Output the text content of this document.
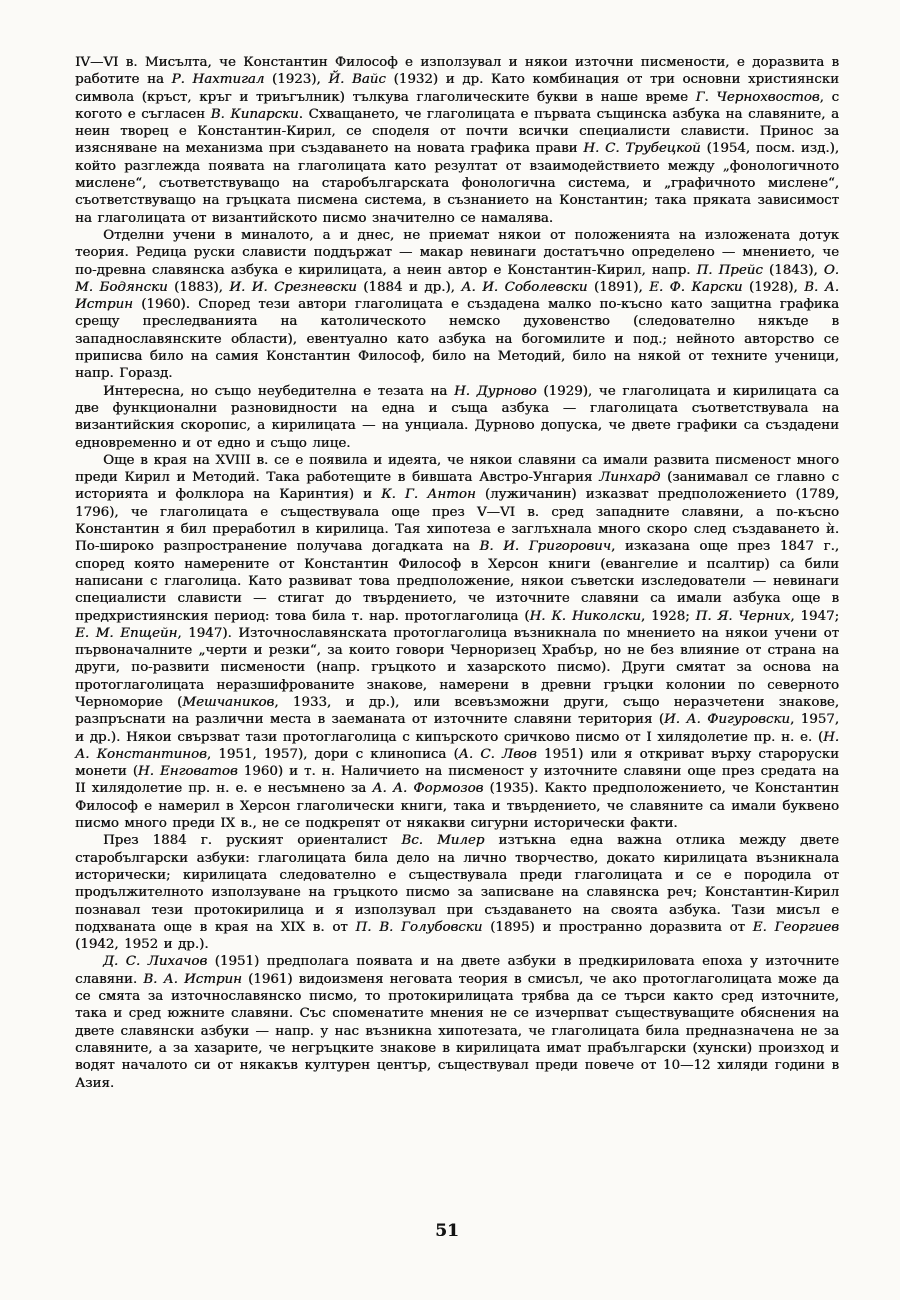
IV—VI в. Мисълта, че Константин Философ е използувал и някои източни писмености, е доразвита в работите на Р. Нахтигал (1923), Й. Вайс (1932) и др. Като комбинация от три основни християнски символа (кръст, кръг и триъгълник) тълкува глаголическите букви в наше време Г. Чернохвостов, с когото е съгласен В. Кипарски. Схващането, че глаголицата е първата същинска азбука на славяните, а неин творец е Константин-Кирил, се споделя от почти всички специалисти слависти. Принос за изясняване на механизма при създаването на новата графика прави Н. С. Трубецкой (1954, посм. изд.), който разглежда появата на глаголицата като резултат от взаимодействието между „фонологичното мислене“, съответствуващо на старобългарската фонологична система, и „графичното мислене“, съответствуващо на гръцката писмена система, в съзнанието на Константин; така пряката зависимост на глаголицата от византийското писмо значително се намалява.

Отделни учени в миналото, а и днес, не приемат някои от положенията на изложената дотук теория. Редица руски слависти поддържат — макар невинаги достатъчно определено — мнението, че по-древна славянска азбука е кирилицата, а неин автор е Константин-Кирил, напр. П. Прейс (1843), О. М. Бодянски (1883), И. И. Срезневски (1884 и др.), А. И. Соболевски (1891), Е. Ф. Карски (1928), В. А. Истрин (1960). Според тези автори глаголицата е създадена малко по-късно като защитна графика срещу преследванията на католическото немско духовенство (следователно някъде в западнославянските области), евентуално като азбука на богомилите и под.; нейното авторство се приписва било на самия Константин Философ, било на Методий, било на някой от техните ученици, напр. Горазд.

Интересна, но също неубедителна е тезата на Н. Дурново (1929), че глаголицата и кирилицата са две функционални разновидности на една и съща азбука — глаголицата съответствувала на византийския скоропис, а кирилицата — на унциала. Дурново допуска, че двете графики са създадени едновременно и от едно и също лице.

Още в края на XVIII в. се е появила и идеята, че някои славяни са имали развита писменост много преди Кирил и Методий. Така работещите в бившата Австро-Унгария Линхард (занимавал се главно с историята и фолклора на Каринтия) и К. Г. Антон (лужичанин) изказват предположението (1789, 1796), че глаголицата е съществувала още през V—VI в. сред западните славяни, а по-късно Константин я бил преработил в кирилица. Тая хипотеза е заглъхнала много скоро след създаването ѝ. По-широко разпространение получава догадката на В. И. Григорович, изказана още през 1847 г., според която намерените от Константин Философ в Херсон книги (евангелие и псалтир) са били написани с глаголица. Като развиват това предположение, някои съветски изследователи — невинаги специалисти слависти — стигат до твърдението, че източните славяни са имали азбука още в предхристиянския период: това била т. нар. протоглаголица (Н. К. Николски, 1928; П. Я. Черних, 1947; Е. М. Епщейн, 1947). Източнославянската протоглаголица възникнала по мнението на някои учени от първоначалните „черти и резки“, за които говори Черноризец Храбър, но не без влияние от страна на други, по-развити писмености (напр. гръцкото и хазарското писмо). Други смятат за основа на протоглаголицата неразшифрованите знакове, намерени в древни гръцки колонии по северното Черноморие (Мешчаников, 1933, и др.), или всевъзможни други, също неразчетени знакове, разпръснати на различни места в заеманата от източните славяни територия (И. А. Фигуровски, 1957, и др.). Някои свързват тази протоглаголица с кипърското сричково писмо от I хилядолетие пр. н. е. (Н. А. Константинов, 1951, 1957), дори с клинописа (А. С. Лвов 1951) или я откриват върху староруски монети (Н. Енговатов 1960) и т. н. Наличието на писменост у източните славяни още през средата на II хилядолетие пр. н. е. е несъмнено за А. А. Формозов (1935). Както предположението, че Константин Философ е намерил в Херсон глаголически книги, така и твърдението, че славяните са имали буквено писмо много преди IX в., не се подкрепят от някакви сигурни исторически факти.

През 1884 г. руският ориенталист Вс. Милер изтъкна една важна отлика между двете старобългарски азбуки: глаголицата била дело на лично творчество, докато кирилицата възникнала исторически; кирилицата следователно е съществувала преди глаголицата и се е породила от продължителното използуване на гръцкото писмо за записване на славянска реч; Константин-Кирил познавал тези протокирилица и я използувал при създаването на своята азбука. Тази мисъл е подхваната още в края на XIX в. от П. В. Голубовски (1895) и пространно доразвита от Е. Георгиев (1942, 1952 и др.).

Д. С. Лихачов (1951) предполага появата и на двете азбуки в предкириловата епоха у източните славяни. В. А. Истрин (1961) видоизменя неговата теория в смисъл, че ако протоглаголицата може да се смята за източнославянско писмо, то протокирилицата трябва да се търси както сред източните, така и сред южните славяни. Със споменатите мнения не се изчерпват съществуващите обяснения на двете славянски азбуки — напр. у нас възникна хипотезата, че глаголицата била предназначена не за славяните, а за хазарите, че негръцките знакове в кирилицата имат прабългарски (хунски) произход и водят началото си от някакъв културен център, съществувал преди повече от 10—12 хиляди години в Азия.

51
